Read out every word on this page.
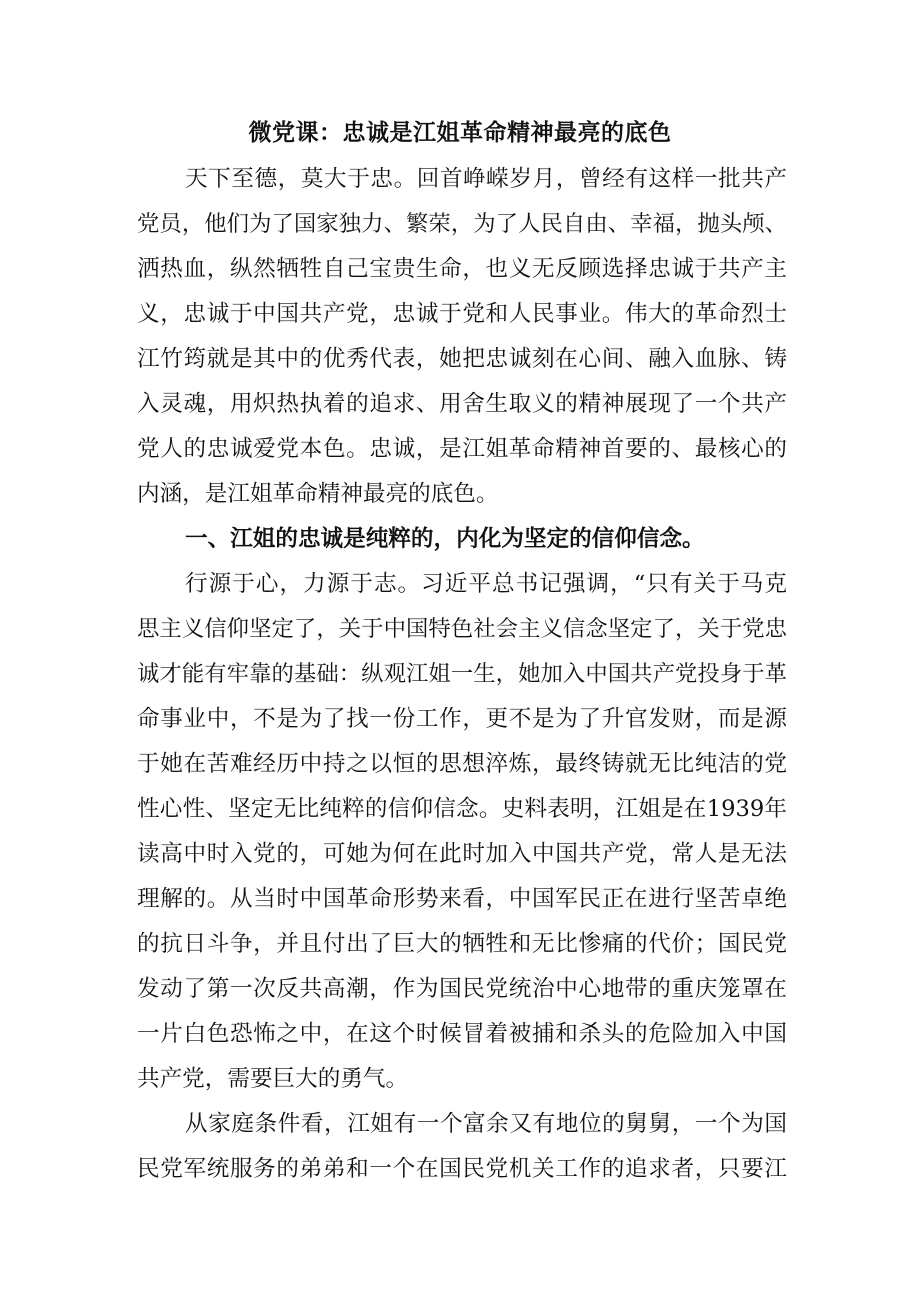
微党课：忠诚是江姐革命精神最亮的底色
天下至德，莫大于忠。回首峥嵘岁月，曾经有这样一批共产
党员，他们为了国家独力、繁荣，为了人民自由、幸福，抛头颅、
洒热血，纵然牺牲自己宝贵生命，也义无反顾选择忠诚于共产主
义，忠诚于中国共产党，忠诚于党和人民事业。伟大的革命烈士
江竹筠就是其中的优秀代表，她把忠诚刻在心间、融入血脉、铸
入灵魂，用炽热执着的追求、用舍生取义的精神展现了一个共产
党人的忠诚爱党本色。忠诚，是江姐革命精神首要的、最核心的
内涵，是江姐革命精神最亮的底色。
一、江姐的忠诚是纯粹的，内化为坚定的信仰信念。
行源于心，力源于志。习近平总书记强调，“只有关于马克
思主义信仰坚定了，关于中国特色社会主义信念坚定了，关于党忠
诚才能有牢靠的基础：纵观江姐一生，她加入中国共产党投身于革
命事业中，不是为了找一份工作，更不是为了升官发财，而是源
于她在苦难经历中持之以恒的思想淬炼，最终铸就无比纯洁的党
性心性、坚定无比纯粹的信仰信念。史料表明，江姐是在1939年
读高中时入党的，可她为何在此时加入中国共产党，常人是无法
理解的。从当时中国革命形势来看，中国军民正在进行坚苦卓绝
的抗日斗争，并且付出了巨大的牺牲和无比惨痛的代价；国民党
发动了第一次反共高潮，作为国民党统治中心地带的重庆笼罩在
一片白色恐怖之中，在这个时候冒着被捕和杀头的危险加入中国
共产党，需要巨大的勇气。
从家庭条件看，江姐有一个富余又有地位的舅舅，一个为国
民党军统服务的弟弟和一个在国民党机关工作的追求者，只要江
